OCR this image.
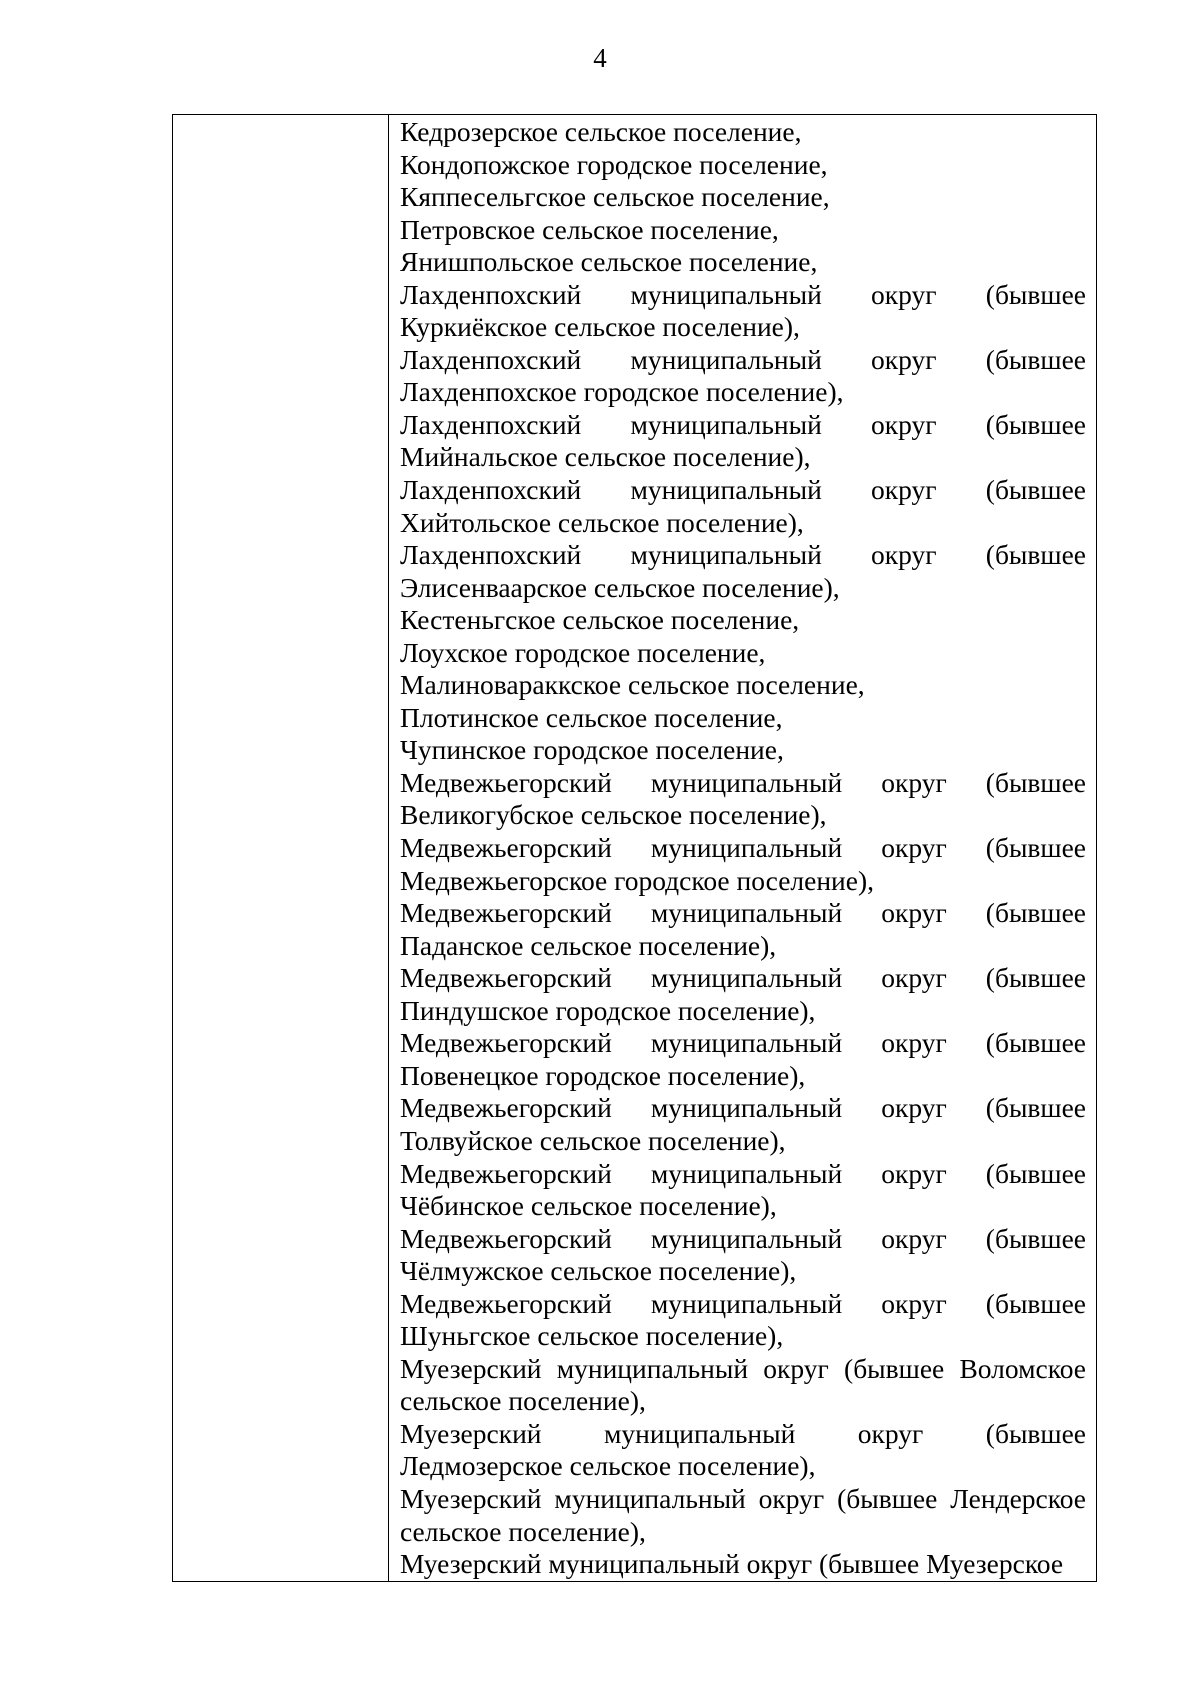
4

Кедрозерское сельское поселение,

Кондопожское городское поселение,

Кяппесельгское сельское поселение,

Петровское сельское поселение,

Янишпольское сельское поселение,

Лахденпохский муниципальный округ (бывшее Куркиёкское сельское поселение),

Лахденпохский муниципальный округ (бывшее Лахденпохское городское поселение),

Лахденпохский муниципальный округ (бывшее Мийнальское сельское поселение),

Лахденпохский муниципальный округ (бывшее Хийтольское сельское поселение),

Лахденпохский муниципальный округ (бывшее Элисенваарское сельское поселение),

Кестеньгское сельское поселение,

Лоухское городское поселение,

Малиновараккское сельское поселение,

Плотинское сельское поселение,

Чупинское городское поселение,

Медвежьегорский муниципальный округ (бывшее Великогубское сельское поселение),

Медвежьегорский муниципальный округ (бывшее Медвежьегорское городское поселение),

Медвежьегорский муниципальный округ (бывшее Паданское сельское поселение),

Медвежьегорский муниципальный округ (бывшее Пиндушское городское поселение),

Медвежьегорский муниципальный округ (бывшее Повенецкое городское поселение),

Медвежьегорский муниципальный округ (бывшее Толвуйское сельское поселение),

Медвежьегорский муниципальный округ (бывшее Чёбинское сельское поселение),

Медвежьегорский муниципальный округ (бывшее Чёлмужское сельское поселение),

Медвежьегорский муниципальный округ (бывшее Шуньгское сельское поселение),

Муезерский муниципальный округ (бывшее Воломское сельское поселение),

Муезерский муниципальный округ (бывшее Ледмозерское сельское поселение),

Муезерский муниципальный округ (бывшее Лендерское сельское поселение),

Муезерский муниципальный округ (бывшее Муезерское
